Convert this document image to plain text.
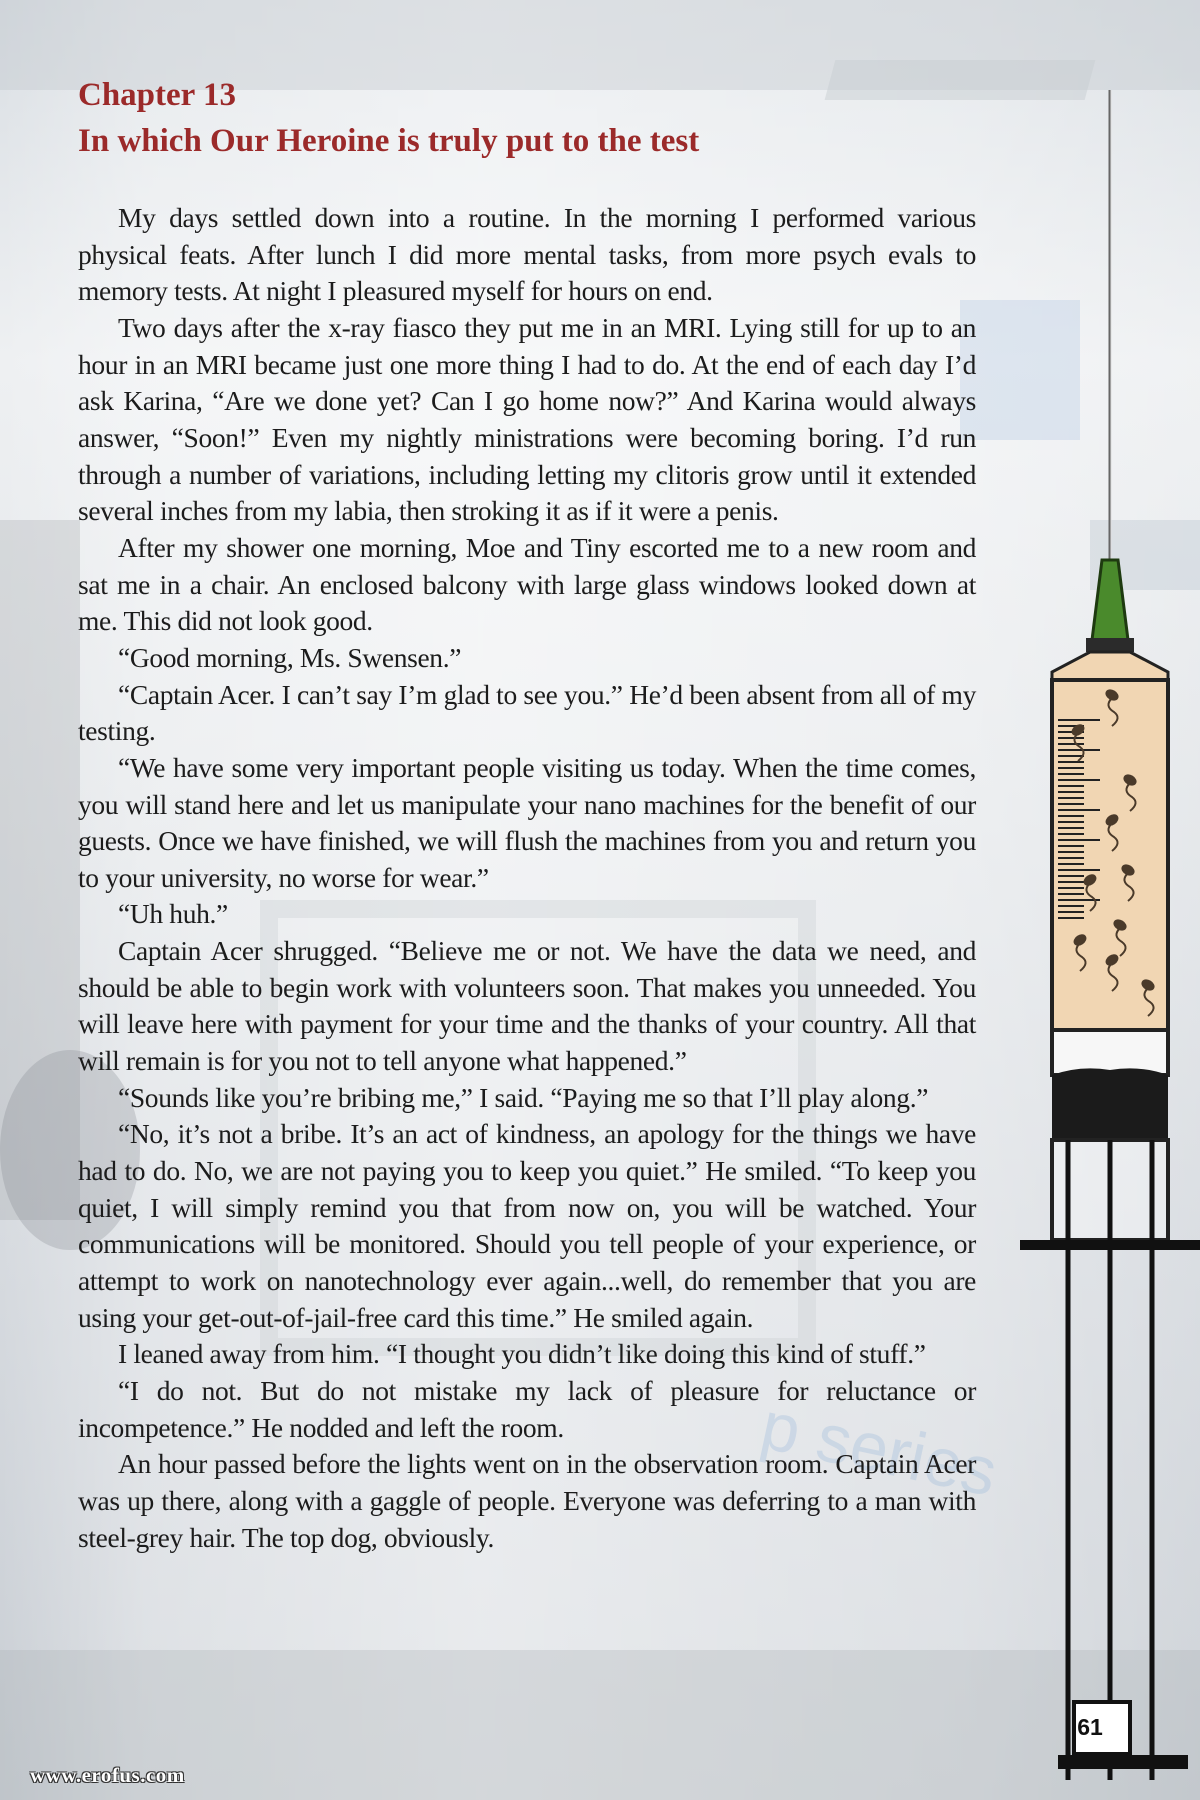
p series
Chapter 13
In which Our Heroine is truly put to the test

My days settled down into a routine. In the morning I performed various physical feats. After lunch I did more mental tasks, from more psych evals to memory tests. At night I pleasured myself for hours on end.

Two days after the x-ray fiasco they put me in an MRI. Lying still for up to an hour in an MRI became just one more thing I had to do. At the end of each day I’d ask Karina, “Are we done yet? Can I go home now?” And Karina would always answer, “Soon!” Even my nightly ministrations were becoming boring. I’d run through a number of variations, including letting my clitoris grow until it extended several inches from my labia, then stroking it as if it were a penis.

After my shower one morning, Moe and Tiny escorted me to a new room and sat me in a chair. An enclosed balcony with large glass windows looked down at me. This did not look good.

“Good morning, Ms. Swensen.”

“Captain Acer. I can’t say I’m glad to see you.” He’d been absent from all of my testing.

“We have some very important people visiting us today. When the time comes, you will stand here and let us manipulate your nano machines for the benefit of our guests. Once we have finished, we will flush the machines from you and return you to your university, no worse for wear.”

“Uh huh.”

Captain Acer shrugged. “Believe me or not. We have the data we need, and should be able to begin work with volunteers soon. That makes you unneeded. You will leave here with payment for your time and the thanks of your country. All that will remain is for you not to tell anyone what happened.”

“Sounds like you’re bribing me,” I said. “Paying me so that I’ll play along.”

“No, it’s not a bribe. It’s an act of kindness, an apology for the things we have had to do. No, we are not paying you to keep you quiet.” He smiled. “To keep you quiet, I will simply remind you that from now on, you will be watched. Your communications will be monitored. Should you tell people of your experience, or attempt to work on nanotechnology ever again...well, do remember that you are using your get-out-of-jail-free card this time.” He smiled again.

I leaned away from him. “I thought you didn’t like doing this kind of stuff.”

“I do not. But do not mistake my lack of pleasure for reluctance or incompetence.” He nodded and left the room.

An hour passed before the lights went on in the observation room. Captain Acer was up there, along with a gaggle of people. Everyone was deferring to a man with steel-grey hair. The top dog, obviously.

61
www.erofus.com
